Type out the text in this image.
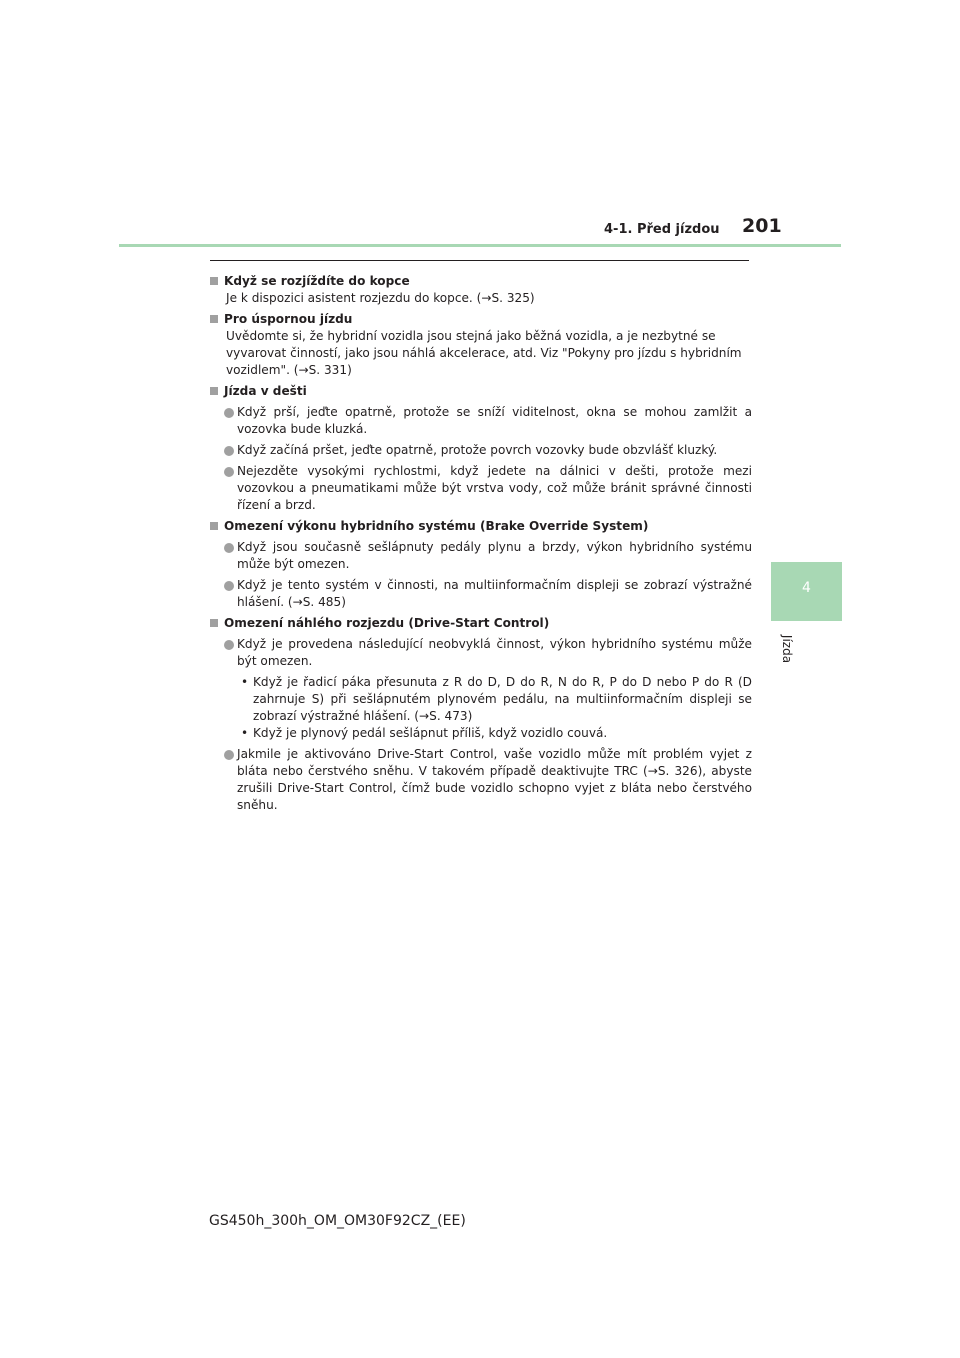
4-1. Před jízdou 201
4
Jízda
Když se rozjíždíte do kopce
Je k dispozici asistent rozjezdu do kopce. (→S. 325)
Pro úspornou jízdu
Uvědomte si, že hybridní vozidla jsou stejná jako běžná vozidla, a je nezbytné se vyvarovat činností, jako jsou náhlá akcelerace, atd. Viz "Pokyny pro jízdu s hybridním vozidlem". (→S. 331)
Jízda v dešti
Když prší, jeďte opatrně, protože se sníží viditelnost, okna se mohou zamlžit a vozovka bude kluzká.
Když začíná pršet, jeďte opatrně, protože povrch vozovky bude obzvlášť kluzký.
Nejezděte vysokými rychlostmi, když jedete na dálnici v dešti, protože mezi vozovkou a pneumatikami může být vrstva vody, což může bránit správné činnosti řízení a brzd.
Omezení výkonu hybridního systému (Brake Override System)
Když jsou současně sešlápnuty pedály plynu a brzdy, výkon hybridního systému může být omezen.
Když je tento systém v činnosti, na multiinformačním displeji se zobrazí výstražné hlášení. (→S. 485)
Omezení náhlého rozjezdu (Drive-Start Control)
Když je provedena následující neobvyklá činnost, výkon hybridního systému může být omezen.
• Když je řadicí páka přesunuta z R do D, D do R, N do R, P do D nebo P do R (D zahrnuje S) při sešlápnutém plynovém pedálu, na multiinformačním displeji se zobrazí výstražné hlášení. (→S. 473)
• Když je plynový pedál sešlápnut příliš, když vozidlo couvá.
Jakmile je aktivováno Drive-Start Control, vaše vozidlo může mít problém vyjet z bláta nebo čerstvého sněhu. V takovém případě deaktivujte TRC (→S. 326), abyste zrušili Drive-Start Control, čímž bude vozidlo schopno vyjet z bláta nebo čerstvého sněhu.
GS450h_300h_OM_OM30F92CZ_(EE)
